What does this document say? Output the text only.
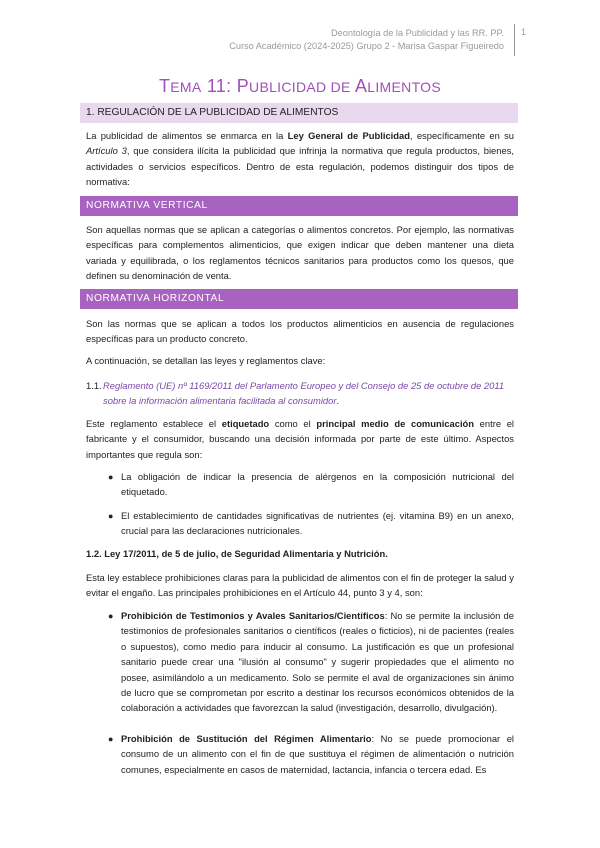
Deontología de la Publicidad y las RR. PP.
Curso Académico (2024-2025) Grupo 2 - Marisa Gaspar Figueiredo
1
TEMA 11: PUBLICIDAD DE ALIMENTOS
1. REGULACIÓN DE LA PUBLICIDAD DE ALIMENTOS
La publicidad de alimentos se enmarca en la Ley General de Publicidad, específicamente en su Artículo 3, que considera ilícita la publicidad que infrinja la normativa que regula productos, bienes, actividades o servicios específicos. Dentro de esta regulación, podemos distinguir dos tipos de normativa:
NORMATIVA VERTICAL
Son aquellas normas que se aplican a categorías o alimentos concretos. Por ejemplo, las normativas específicas para complementos alimenticios, que exigen indicar que deben mantener una dieta variada y equilibrada, o los reglamentos técnicos sanitarios para productos como los quesos, que definen su denominación de venta.
NORMATIVA HORIZONTAL
Son las normas que se aplican a todos los productos alimenticios en ausencia de regulaciones específicas para un producto concreto.
A continuación, se detallan las leyes y reglamentos clave:
1.1. Reglamento (UE) nº 1169/2011 del Parlamento Europeo y del Consejo de 25 de octubre de 2011 sobre la información alimentaria facilitada al consumidor.
Este reglamento establece el etiquetado como el principal medio de comunicación entre el fabricante y el consumidor, buscando una decisión informada por parte de este último. Aspectos importantes que regula son:
● La obligación de indicar la presencia de alérgenos en la composición nutricional del etiquetado.
● El establecimiento de cantidades significativas de nutrientes (ej. vitamina B9) en un anexo, crucial para las declaraciones nutricionales.
1.2. Ley 17/2011, de 5 de julio, de Seguridad Alimentaria y Nutrición.
Esta ley establece prohibiciones claras para la publicidad de alimentos con el fin de proteger la salud y evitar el engaño. Las principales prohibiciones en el Artículo 44, punto 3 y 4, son:
● Prohibición de Testimonios y Avales Sanitarios/Científicos: No se permite la inclusión de testimonios de profesionales sanitarios o científicos (reales o ficticios), ni de pacientes (reales o supuestos), como medio para inducir al consumo. La justificación es que un profesional sanitario puede crear una "ilusión al consumo" y sugerir propiedades que el alimento no posee, asimilándolo a un medicamento. Solo se permite el aval de organizaciones sin ánimo de lucro que se comprometan por escrito a destinar los recursos económicos obtenidos de la colaboración a actividades que favorezcan la salud (investigación, desarrollo, divulgación).
● Prohibición de Sustitución del Régimen Alimentario: No se puede promocionar el consumo de un alimento con el fin de que sustituya el régimen de alimentación o nutrición comunes, especialmente en casos de maternidad, lactancia, infancia o tercera edad. Es
